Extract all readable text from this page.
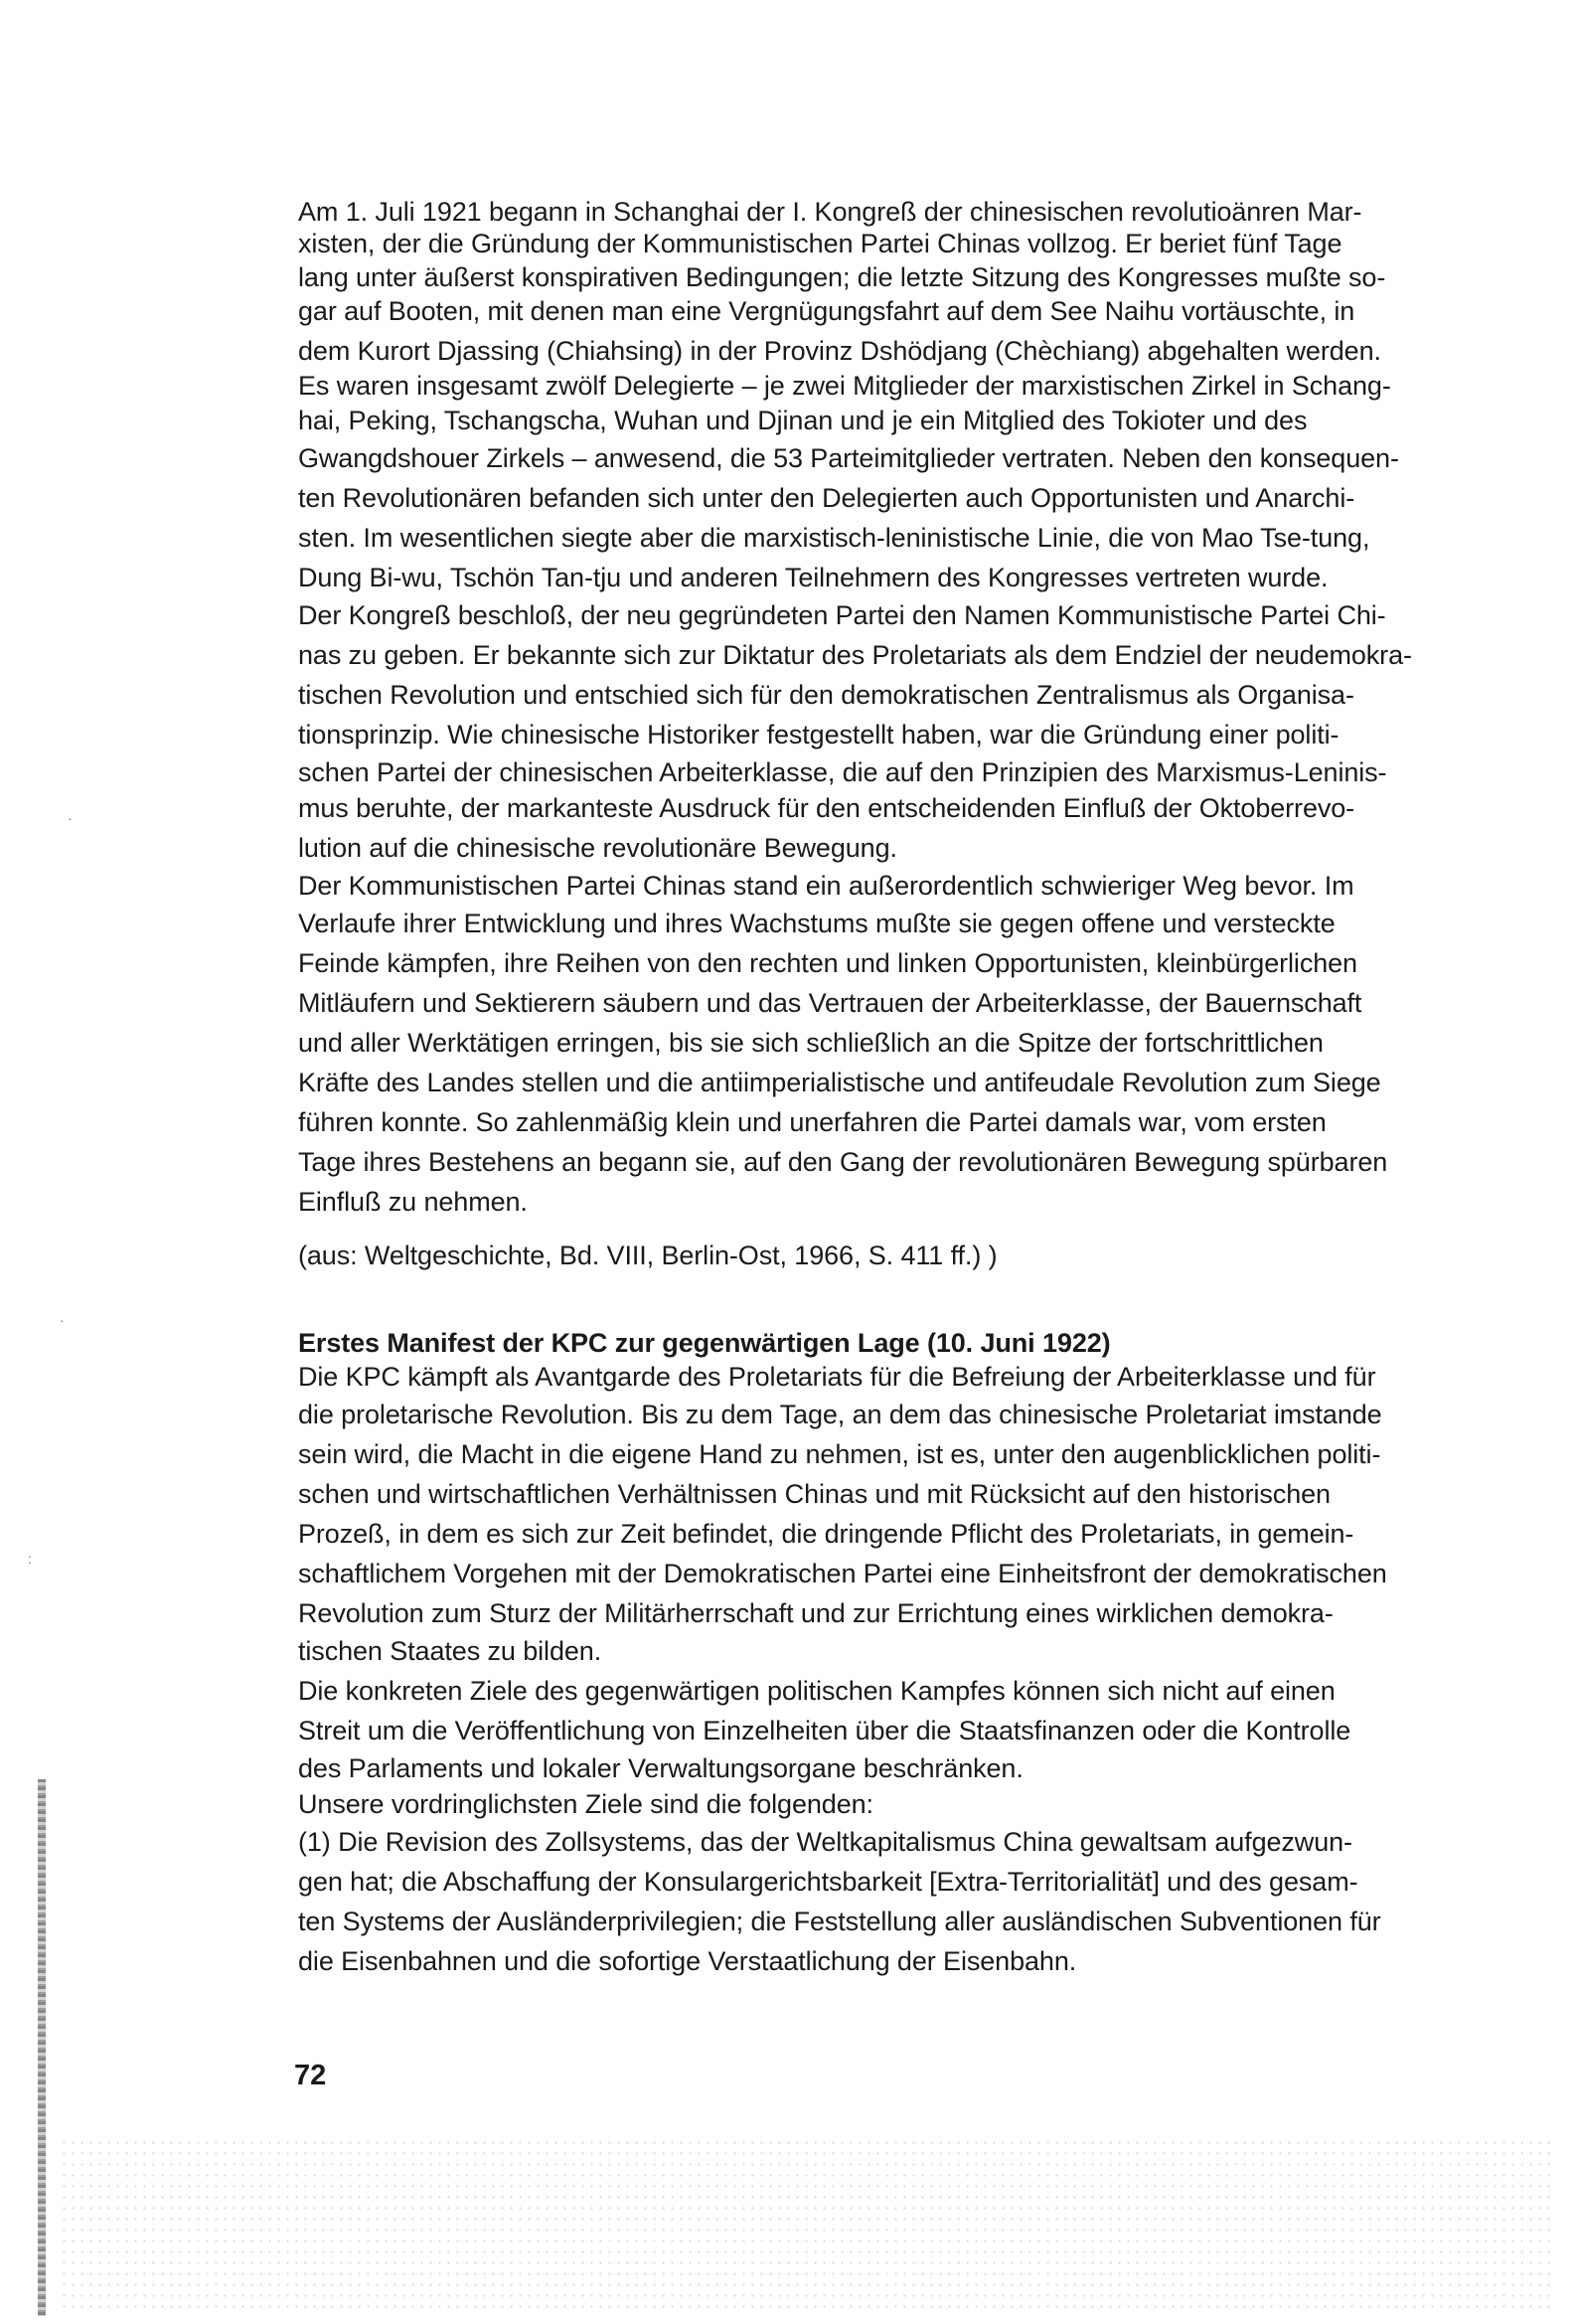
·
·
:
Am 1. Juli 1921 begann in Schanghai der I. Kongreß der chinesischen revolutioänren Mar-
xisten, der die Gründung der Kommunistischen Partei Chinas vollzog. Er beriet fünf Tage
lang unter äußerst konspirativen Bedingungen; die letzte Sitzung des Kongresses mußte so-
gar auf Booten, mit denen man eine Vergnügungsfahrt auf dem See Naihu vortäuschte, in
dem Kurort Djassing (Chiahsing) in der Provinz Dshödjang (Chèchiang) abgehalten werden.
Es waren insgesamt zwölf Delegierte – je zwei Mitglieder der marxistischen Zirkel in Schang-
hai, Peking, Tschangscha, Wuhan und Djinan und je ein Mitglied des Tokioter und des
Gwangdshouer Zirkels – anwesend, die 53 Parteimitglieder vertraten. Neben den konsequen-
ten Revolutionären befanden sich unter den Delegierten auch Opportunisten und Anarchi-
sten. Im wesentlichen siegte aber die marxistisch-leninistische Linie, die von Mao Tse-tung,
Dung Bi-wu, Tschön Tan-tju und anderen Teilnehmern des Kongresses vertreten wurde.
Der Kongreß beschloß, der neu gegründeten Partei den Namen Kommunistische Partei Chi-
nas zu geben. Er bekannte sich zur Diktatur des Proletariats als dem Endziel der neudemokra-
tischen Revolution und entschied sich für den demokratischen Zentralismus als Organisa-
tionsprinzip. Wie chinesische Historiker festgestellt haben, war die Gründung einer politi-
schen Partei der chinesischen Arbeiterklasse, die auf den Prinzipien des Marxismus-Leninis-
mus beruhte, der markanteste Ausdruck für den entscheidenden Einfluß der Oktoberrevo-
lution auf die chinesische revolutionäre Bewegung.
Der Kommunistischen Partei Chinas stand ein außerordentlich schwieriger Weg bevor. Im
Verlaufe ihrer Entwicklung und ihres Wachstums mußte sie gegen offene und versteckte
Feinde kämpfen, ihre Reihen von den rechten und linken Opportunisten, kleinbürgerlichen
Mitläufern und Sektierern säubern und das Vertrauen der Arbeiterklasse, der Bauernschaft
und aller Werktätigen erringen, bis sie sich schließlich an die Spitze der fortschrittlichen
Kräfte des Landes stellen und die antiimperialistische und antifeudale Revolution zum Siege
führen konnte. So zahlenmäßig klein und unerfahren die Partei damals war, vom ersten
Tage ihres Bestehens an begann sie, auf den Gang der revolutionären Bewegung spürbaren
Einfluß zu nehmen.
(aus: Weltgeschichte, Bd. VIII, Berlin-Ost, 1966, S. 411 ff.) )
Erstes Manifest der KPC zur gegenwärtigen Lage (10. Juni 1922)
Die KPC kämpft als Avantgarde des Proletariats für die Befreiung der Arbeiterklasse und für
die proletarische Revolution. Bis zu dem Tage, an dem das chinesische Proletariat imstande
sein wird, die Macht in die eigene Hand zu nehmen, ist es, unter den augenblicklichen politi-
schen und wirtschaftlichen Verhältnissen Chinas und mit Rücksicht auf den historischen
Prozeß, in dem es sich zur Zeit befindet, die dringende Pflicht des Proletariats, in gemein-
schaftlichem Vorgehen mit der Demokratischen Partei eine Einheitsfront der demokratischen
Revolution zum Sturz der Militärherrschaft und zur Errichtung eines wirklichen demokra-
tischen Staates zu bilden.
Die konkreten Ziele des gegenwärtigen politischen Kampfes können sich nicht auf einen
Streit um die Veröffentlichung von Einzelheiten über die Staatsfinanzen oder die Kontrolle
des Parlaments und lokaler Verwaltungsorgane beschränken.
Unsere vordringlichsten Ziele sind die folgenden:
(1) Die Revision des Zollsystems, das der Weltkapitalismus China gewaltsam aufgezwun-
gen hat; die Abschaffung der Konsulargerichtsbarkeit [Extra-Territorialität] und des gesam-
ten Systems der Ausländerprivilegien; die Feststellung aller ausländischen Subventionen für
die Eisenbahnen und die sofortige Verstaatlichung der Eisenbahn.
72
